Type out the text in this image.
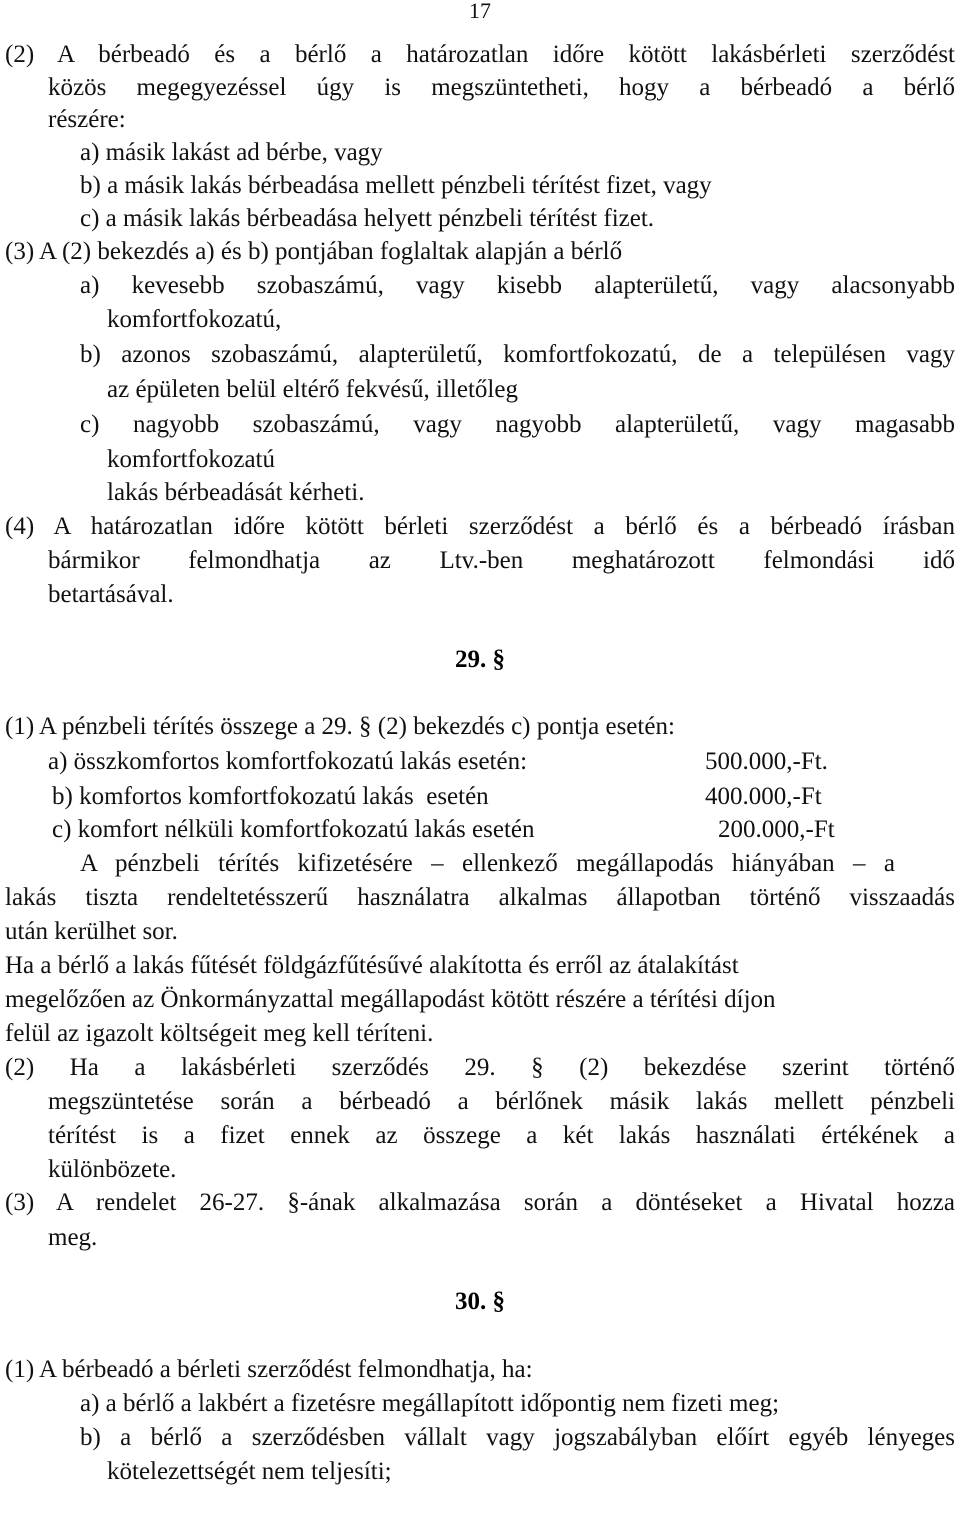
17
(2) A bérbeadó és a bérlő a határozatlan időre kötött lakásbérleti szerződést
közös megegyezéssel úgy is megszüntetheti, hogy a bérbeadó a bérlő
részére:
a) másik lakást ad bérbe, vagy
b) a másik lakás bérbeadása mellett pénzbeli térítést fizet, vagy
c) a másik lakás bérbeadása helyett pénzbeli térítést fizet.
(3) A (2) bekezdés a) és b) pontjában foglaltak alapján a bérlő
a) kevesebb szobaszámú, vagy kisebb alapterületű, vagy alacsonyabb
komfortfokozatú,
b) azonos szobaszámú, alapterületű, komfortfokozatú, de a településen vagy
az épületen belül eltérő fekvésű, illetőleg
c) nagyobb szobaszámú, vagy nagyobb alapterületű, vagy magasabb
komfortfokozatú
lakás bérbeadását kérheti.
(4) A határozatlan időre kötött bérleti szerződést a bérlő és a bérbeadó írásban
bármikor felmondhatja az Ltv.-ben meghatározott felmondási idő
betartásával.
29. §
(1) A pénzbeli térítés összege a 29. § (2) bekezdés c) pontja esetén:
a) összkomfortos komfortfokozatú lakás esetén:	500.000,-Ft.
b) komfortos komfortfokozatú lakás  esetén	400.000,-Ft
c) komfort nélküli komfortfokozatú lakás esetén	200.000,-Ft
A pénzbeli térítés kifizetésére – ellenkező megállapodás hiányában – a
lakás tiszta rendeltetésszerű használatra alkalmas állapotban történő visszaadás
után kerülhet sor.
Ha a bérlő a lakás fűtését földgázfűtésűvé alakította és erről az átalakítást
megelőzően az Önkormányzattal megállapodást kötött részére a térítési díjon
felül az igazolt költségeit meg kell téríteni.
(2) Ha a lakásbérleti szerződés 29. § (2) bekezdése szerint történő
megszüntetése során a bérbeadó a bérlőnek másik lakás mellett pénzbeli
térítést is a fizet ennek az összege a két lakás használati értékének a
különbözete.
(3) A rendelet 26-27. §-ának alkalmazása során a döntéseket a Hivatal hozza
meg.
30. §
(1) A bérbeadó a bérleti szerződést felmondhatja, ha:
a) a bérlő a lakbért a fizetésre megállapított időpontig nem fizeti meg;
b) a bérlő a szerződésben vállalt vagy jogszabályban előírt egyéb lényeges
kötelezettségét nem teljesíti;
